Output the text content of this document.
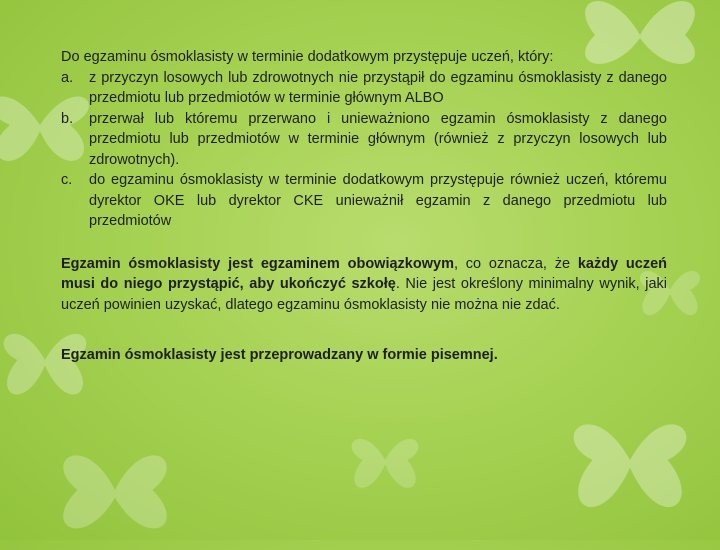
Do egzaminu ósmoklasisty w terminie dodatkowym przystępuje uczeń, który:

a. z przyczyn losowych lub zdrowotnych nie przystąpił do egzaminu ósmoklasisty z danego przedmiotu lub przedmiotów w terminie głównym ALBO
b. przerwał lub któremu przerwano i unieważniono egzamin ósmoklasisty z danego przedmiotu lub przedmiotów w terminie głównym (również z przyczyn losowych lub zdrowotnych).
c. do egzaminu ósmoklasisty w terminie dodatkowym przystępuje również uczeń, któremu dyrektor OKE lub dyrektor CKE unieważnił egzamin z danego przedmiotu lub przedmiotów

Egzamin ósmoklasisty jest egzaminem obowiązkowym, co oznacza, że każdy uczeń musi do niego przystąpić, aby ukończyć szkołę. Nie jest określony minimalny wynik, jaki uczeń powinien uzyskać, dlatego egzaminu ósmoklasisty nie można nie zdać.

Egzamin ósmoklasisty jest przeprowadzany w formie pisemnej.
